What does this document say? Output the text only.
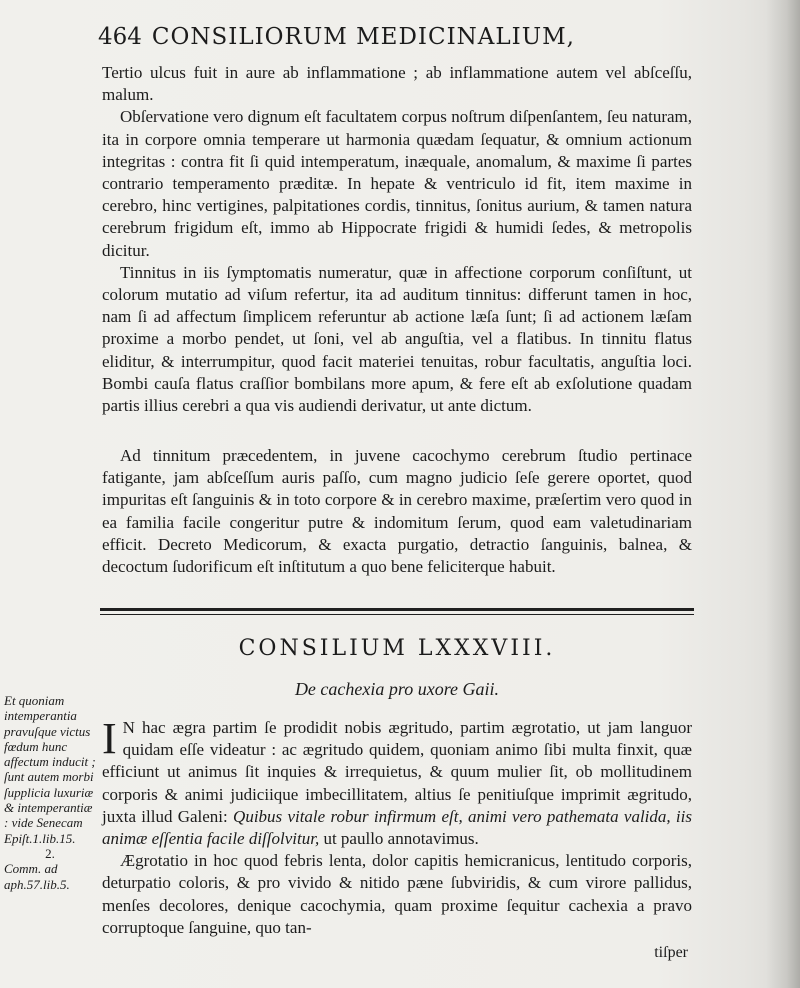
464 CONSILIORUM MEDICINALIUM,

Tertio ulcus fuit in aure ab inflammatione ; ab inflammatione autem vel abſceſſu, malum.

Obſervatione vero dignum eſt facultatem corpus noſtrum diſpenſantem, ſeu naturam, ita in corpore omnia temperare ut harmonia quædam ſequatur, & omnium actionum integritas : contra fit ſi quid intemperatum, inæquale, anomalum, & maxime ſi partes contrario temperamento præditæ. In hepate & ventriculo id fit, item maxime in cerebro, hinc vertigines, palpitationes cordis, tinnitus, ſonitus aurium, & tamen natura cerebrum frigidum eſt, immo ab Hippocrate frigidi & humidi ſedes, & metropolis dicitur.

Tinnitus in iis ſymptomatis numeratur, quæ in affectione corporum conſiſtunt, ut colorum mutatio ad viſum refertur, ita ad auditum tinnitus: differunt tamen in hoc, nam ſi ad affectum ſimplicem referuntur ab actione læſa ſunt; ſi ad actionem læſam proxime a morbo pendet, ut ſoni, vel ab anguſtia, vel a flatibus. In tinnitu flatus eliditur, & interrumpitur, quod facit materiei tenuitas, robur facultatis, anguſtia loci. Bombi cauſa flatus craſſior bombilans more apum, & fere eſt ab exſolutione quadam partis illius cerebri a qua vis audiendi derivatur, ut ante dictum.

Ad tinnitum præcedentem, in juvene cacochymo cerebrum ſtudio pertinace fatigante, jam abſceſſum auris paſſo, cum magno judicio ſeſe gerere oportet, quod impuritas eſt ſanguinis & in toto corpore & in cerebro maxime, præſertim vero quod in ea familia facile congeritur putre & indomitum ſerum, quod eam valetudinariam efficit. Decreto Medicorum, & exacta purgatio, detractio ſanguinis, balnea, & decoctum ſudorificum eſt inſtitutum a quo bene feliciterque habuit.

CONSILIUM LXXXVIII.
De cachexia pro uxore Gaii.

I N hac ægra partim ſe prodidit nobis ægritudo, partim ægrotatio, ut jam languor quidam eſſe videatur : ac ægritudo quidem, quoniam animo ſibi multa finxit, quæ efficiunt ut animus ſit inquies & irrequietus, & quum mulier ſit, ob mollitudinem corporis & animi judiciique imbecillitatem, altius ſe penitiuſque imprimit ægritudo, juxta illud Galeni: Quibus vitale robur infirmum eſt, animi vero pathemata valida, iis animæ eſſentia facile diſſolvitur, ut paullo annotavimus.

Ægrotatio in hoc quod febris lenta, dolor capitis hemicranicus, lentitudo corporis, deturpatio coloris, & pro vivido & nitido pæne ſubviridis, & cum virore pallidus, menſes decolores, denique cacochymia, quam proxime ſequitur cachexia a pravo corruptoque ſanguine, quo tan-

Et quoniam intemperantia pravuſque victus fœdum hunc affectum inducit ; ſunt autem morbi ſupplicia luxuriæ & intemperantiæ : vide Senecam Epiſt.1.lib.15.
2.
Comm. ad aph.57.lib.5.
tiſper
